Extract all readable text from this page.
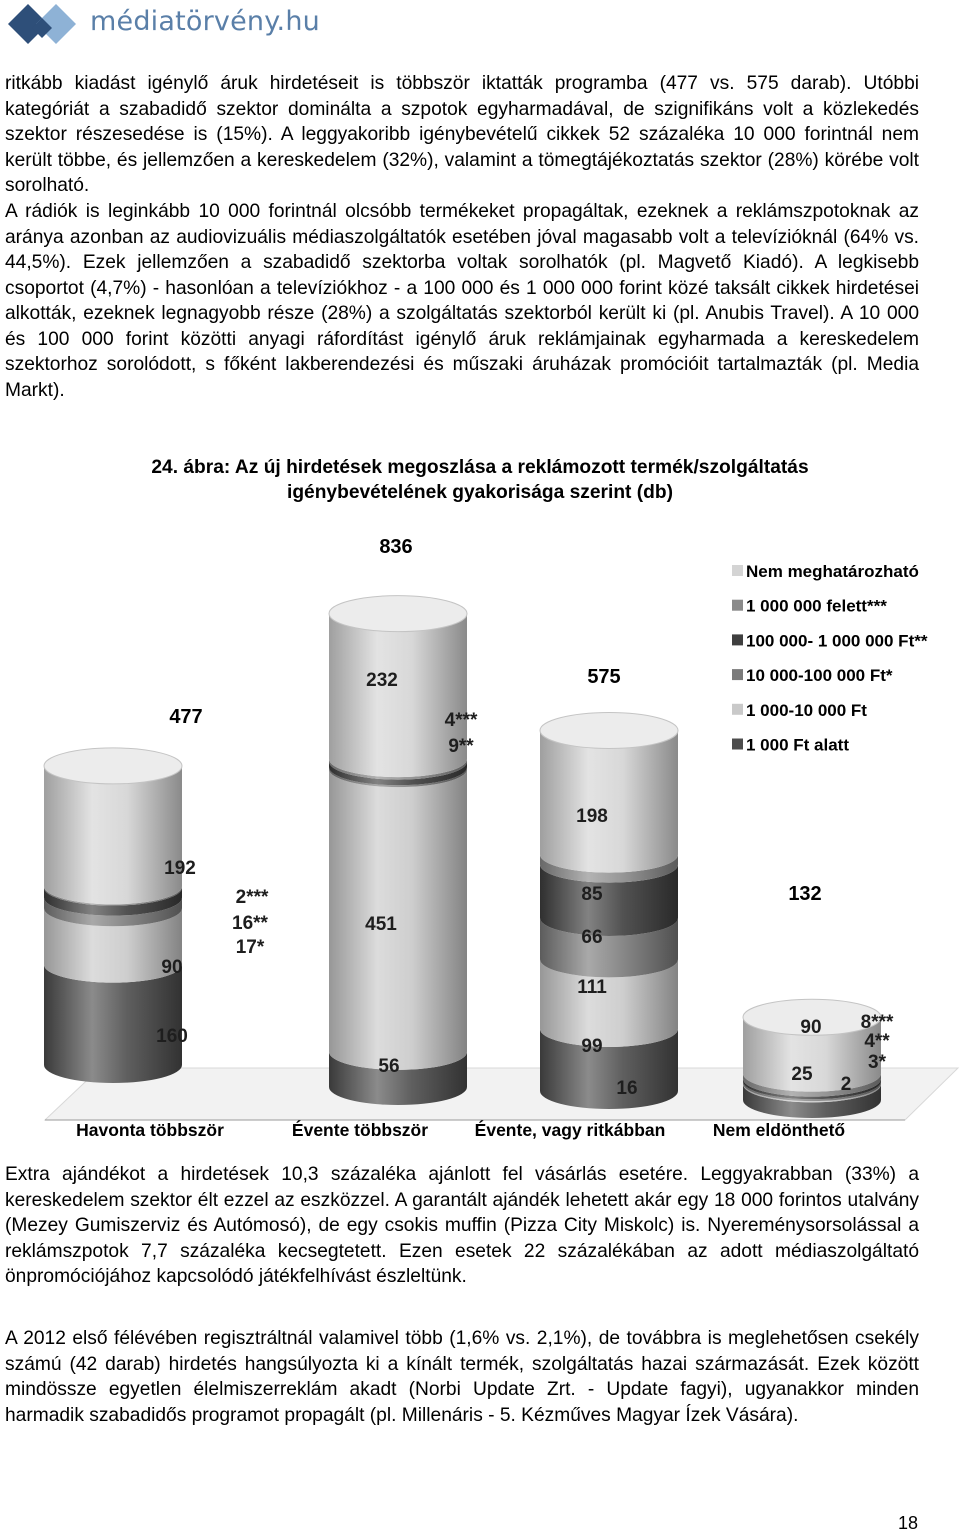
médiatörvény.hu

ritkább kiadást igénylő áruk hirdetéseit is többször iktatták programba (477 vs. 575 darab). Utóbbi kategóriát a szabadidő szektor dominálta a szpotok egyharmadával, de szignifikáns volt a közlekedés szektor részesedése is (15%). A leggyakoribb igénybevételű cikkek 52 százaléka 10 000 forintnál nem került többe, és jellemzően a kereskedelem (32%), valamint a tömegtájékoztatás szektor (28%) körébe volt sorolható.

A rádiók is leginkább 10 000 forintnál olcsóbb termékeket propagáltak, ezeknek a reklámszpotoknak az aránya azonban az audiovizuális médiaszolgáltatók esetében jóval magasabb volt a televízióknál (64% vs. 44,5%). Ezek jellemzően a szabadidő szektorba voltak sorolhatók (pl. Magvető Kiadó). A legkisebb csoportot (4,7%) - hasonlóan a televíziókhoz - a 100 000 és 1 000 000 forint közé taksált cikkek hirdetései alkották, ezeknek legnagyobb része (28%) a szolgáltatás szektorból került ki (pl. Anubis Travel). A 10 000 és 100 000 forint közötti anyagi ráfordítást igénylő áruk reklámjainak egyharmada a kereskedelem szektorhoz sorolódott, s főként lakberendezési és műszaki áruházak promócióit tartalmazták (pl. Media Markt).

24. ábra: Az új hirdetések megoszlása a reklámozott termék/szolgáltatás
igénybevételének gyakorisága szerint (db)
160
56
99
25
90
451
111
2
17*	66
3*
16**
9**
85
4**
2***
4***
16
8***
192
232
198
90
477
836
575
132
Havonta többször	Évente többször	Évente, vagy ritkábban	Nem eldönthető
Nem meghatározható
1 000 000 felett***
100 000- 1 000 000 Ft**
10 000-100 000 Ft*
1 000-10 000 Ft
1 000 Ft alatt

Extra ajándékot a hirdetések 10,3 százaléka ajánlott fel vásárlás esetére. Leggyakrabban (33%) a kereskedelem szektor élt ezzel az eszközzel. A garantált ajándék lehetett akár egy 18 000 forintos utalvány (Mezey Gumiszerviz és Autómosó), de egy csokis muffin (Pizza City Miskolc) is. Nyereménysorsolással a reklámszpotok 7,7 százaléka kecsegtetett. Ezen esetek 22 százalékában az adott médiaszolgáltató önpromóciójához kapcsolódó játékfelhívást észleltünk.

A 2012 első félévében regisztráltnál valamivel több (1,6% vs. 2,1%), de továbbra is meglehetősen csekély számú (42 darab) hirdetés hangsúlyozta ki a kínált termék, szolgáltatás hazai származását. Ezek között mindössze egyetlen élelmiszerreklám akadt (Norbi Update Zrt. - Update fagyi), ugyanakkor minden harmadik szabadidős programot propagált (pl. Millenáris - 5. Kézműves Magyar Ízek Vására).

18
